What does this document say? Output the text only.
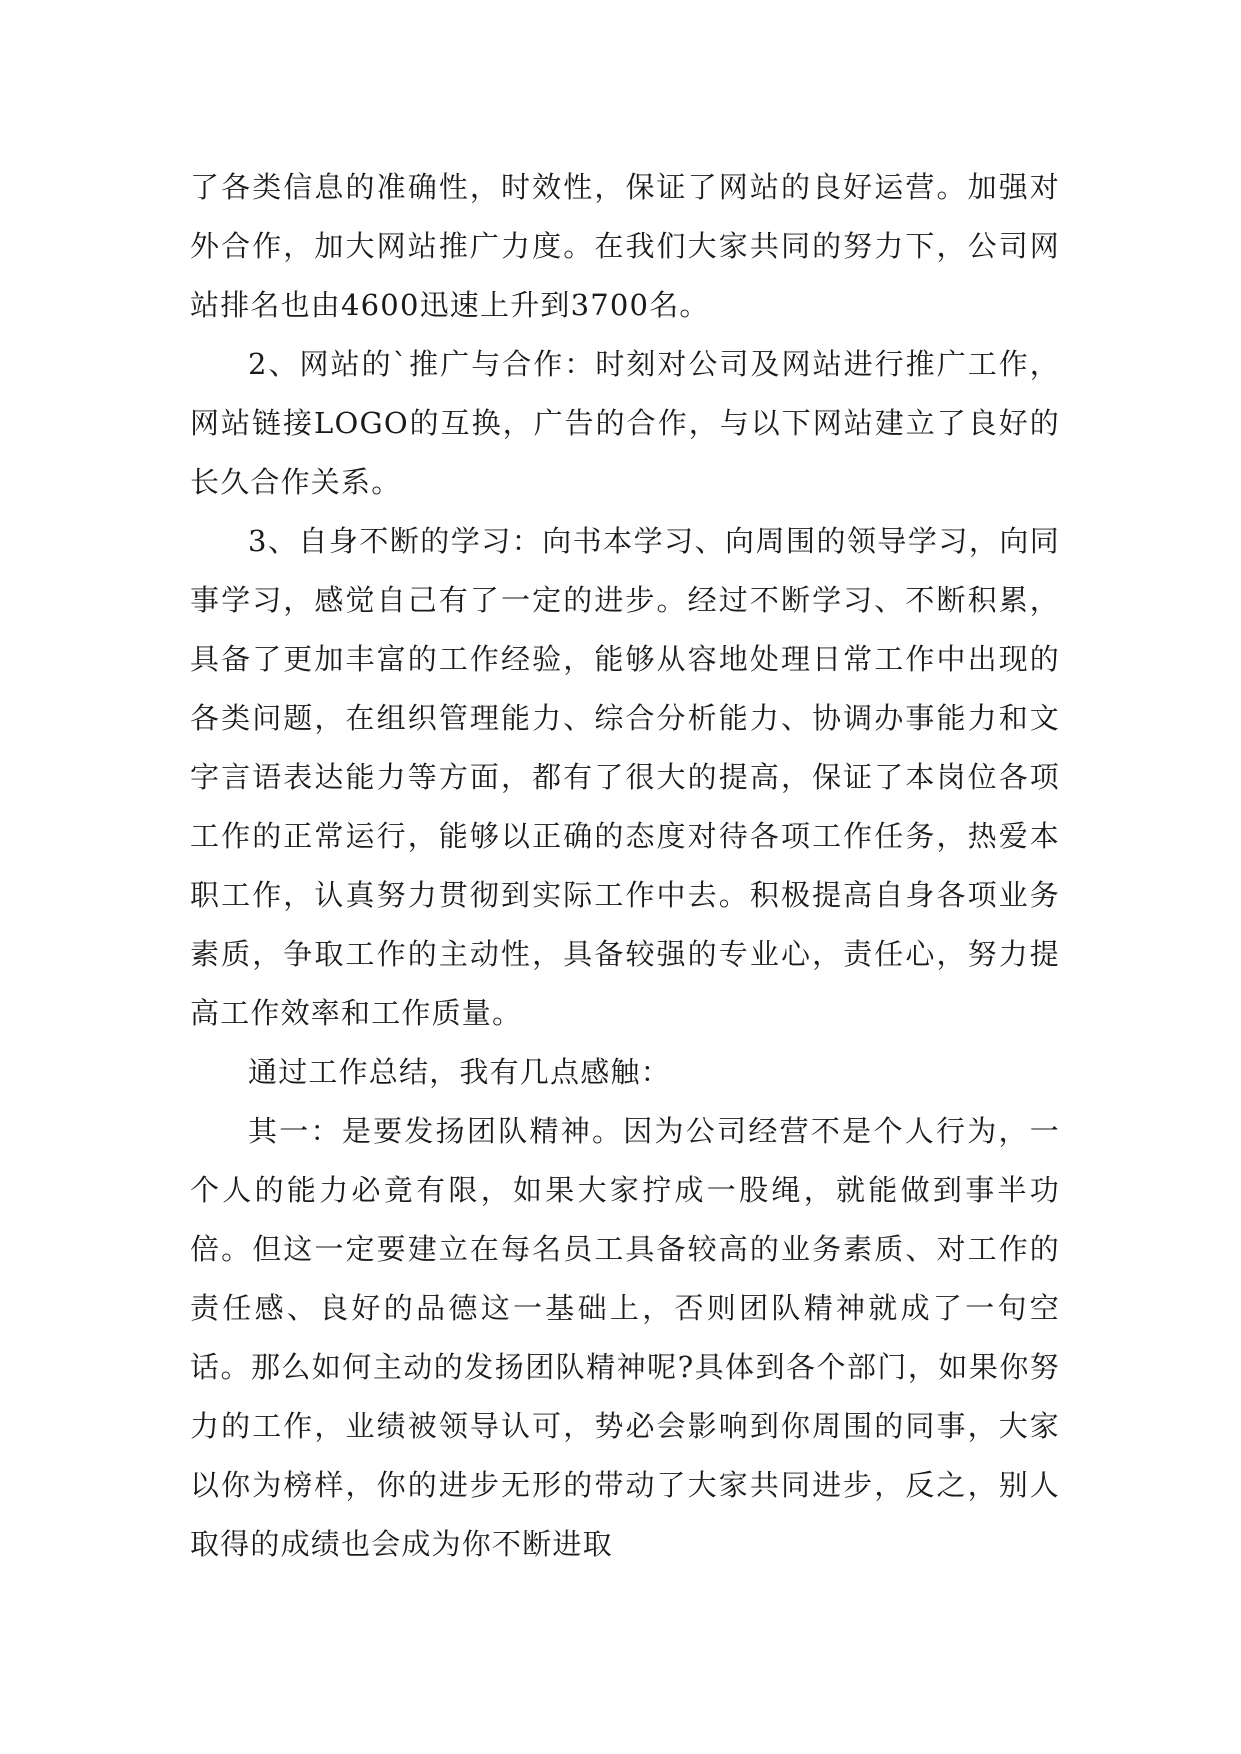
了各类信息的准确性，时效性，保证了网站的良好运营。加强对外合作，加大网站推广力度。在我们大家共同的努力下，公司网站排名也由4600迅速上升到3700名。

2、网站的`推广与合作：时刻对公司及网站进行推广工作，网站链接LOGO的互换，广告的合作，与以下网站建立了良好的长久合作关系。

3、自身不断的学习：向书本学习、向周围的领导学习，向同事学习，感觉自己有了一定的进步。经过不断学习、不断积累，具备了更加丰富的工作经验，能够从容地处理日常工作中出现的各类问题，在组织管理能力、综合分析能力、协调办事能力和文字言语表达能力等方面，都有了很大的提高，保证了本岗位各项工作的正常运行，能够以正确的态度对待各项工作任务，热爱本职工作，认真努力贯彻到实际工作中去。积极提高自身各项业务素质，争取工作的主动性，具备较强的专业心，责任心，努力提高工作效率和工作质量。

通过工作总结，我有几点感触：

其一：是要发扬团队精神。因为公司经营不是个人行为，一个人的能力必竟有限，如果大家拧成一股绳，就能做到事半功倍。但这一定要建立在每名员工具备较高的业务素质、对工作的责任感、良好的品德这一基础上，否则团队精神就成了一句空话。那么如何主动的发扬团队精神呢?具体到各个部门，如果你努力的工作，业绩被领导认可，势必会影响到你周围的同事，大家以你为榜样，你的进步无形的带动了大家共同进步，反之，别人取得的成绩也会成为你不断进取
